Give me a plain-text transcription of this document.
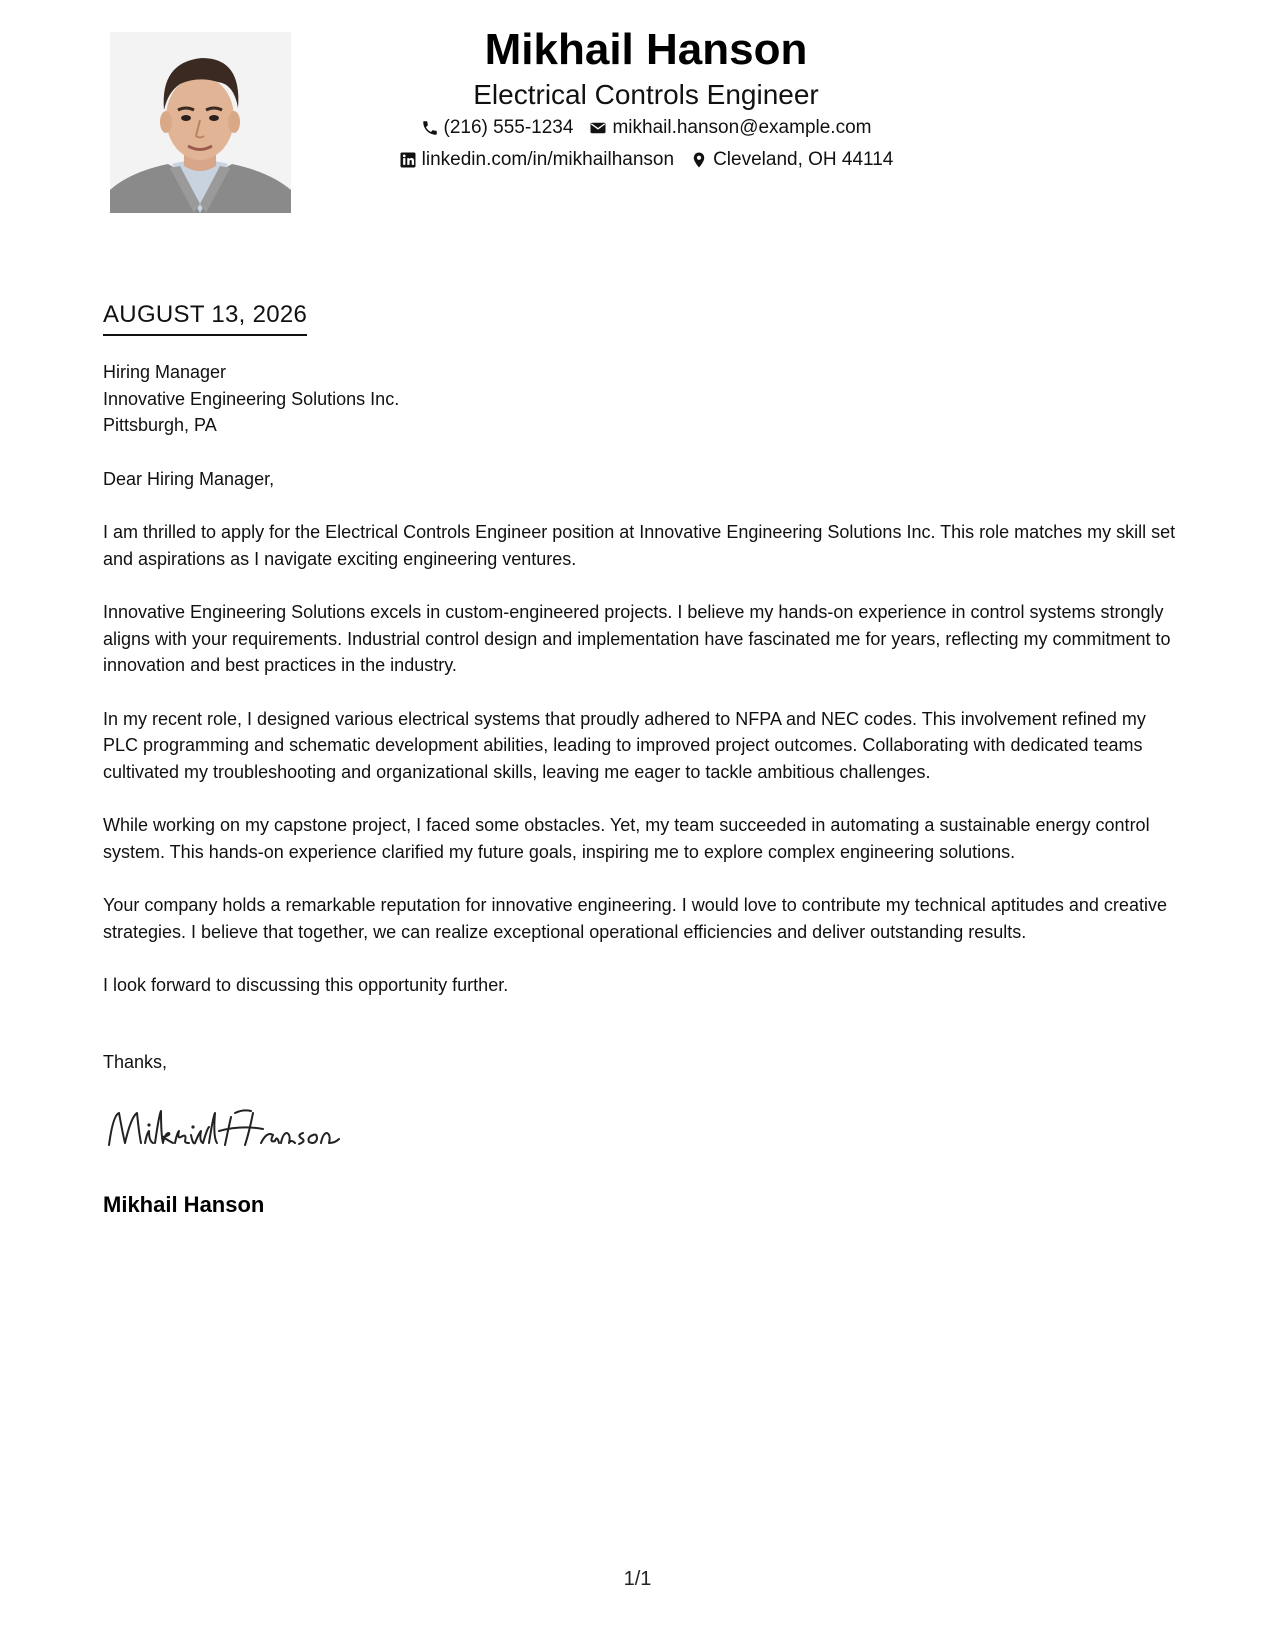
Mikhail Hanson
Electrical Controls Engineer
(216) 555-1234 mikhail.hanson@example.com
linkedin.com/in/mikhailhanson Cleveland, OH 44114
AUGUST 13, 2026
Hiring Manager
Innovative Engineering Solutions Inc.
Pittsburgh, PA
Dear Hiring Manager,
I am thrilled to apply for the Electrical Controls Engineer position at Innovative Engineering Solutions Inc. This role matches my skill set and aspirations as I navigate exciting engineering ventures.
Innovative Engineering Solutions excels in custom-engineered projects. I believe my hands-on experience in control systems strongly aligns with your requirements. Industrial control design and implementation have fascinated me for years, reflecting my commitment to innovation and best practices in the industry.
In my recent role, I designed various electrical systems that proudly adhered to NFPA and NEC codes. This involvement refined my PLC programming and schematic development abilities, leading to improved project outcomes. Collaborating with dedicated teams cultivated my troubleshooting and organizational skills, leaving me eager to tackle ambitious challenges.
While working on my capstone project, I faced some obstacles. Yet, my team succeeded in automating a sustainable energy control system. This hands-on experience clarified my future goals, inspiring me to explore complex engineering solutions.
Your company holds a remarkable reputation for innovative engineering. I would love to contribute my technical aptitudes and creative strategies. I believe that together, we can realize exceptional operational efficiencies and deliver outstanding results.
I look forward to discussing this opportunity further.
Thanks,
Mikhail Hanson
1/1
